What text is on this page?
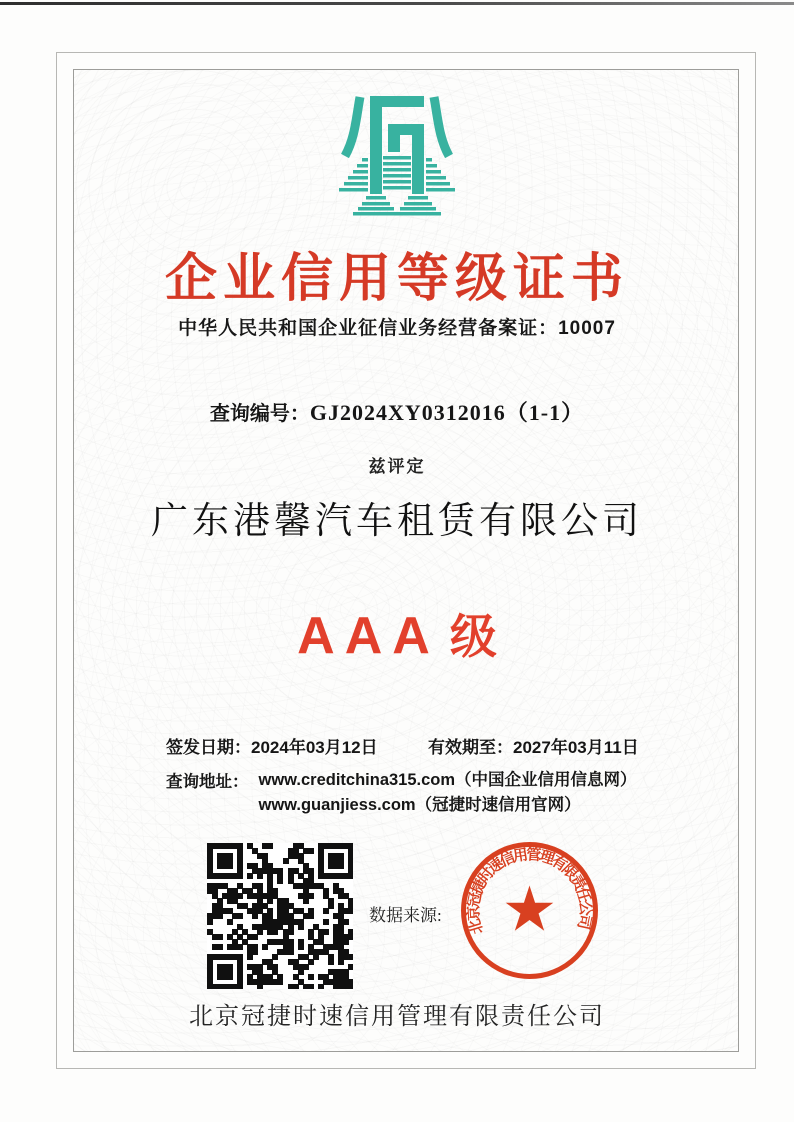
企业信用等级证书
中华人民共和国企业征信业务经营备案证：10007
查询编号：GJ2024XY0312016（1-1）
兹评定
广东港馨汽车租赁有限公司
AAA 级
签发日期：2024年03月12日	有效期至：2027年03月11日
查询地址： www.creditchina315.com（中国企业信用信息网）
www.guanjiess.com（冠捷时速信用官网）
数据来源:
北京冠捷时速信用管理有限责任公司
北京冠捷时速信用管理有限责任公司
